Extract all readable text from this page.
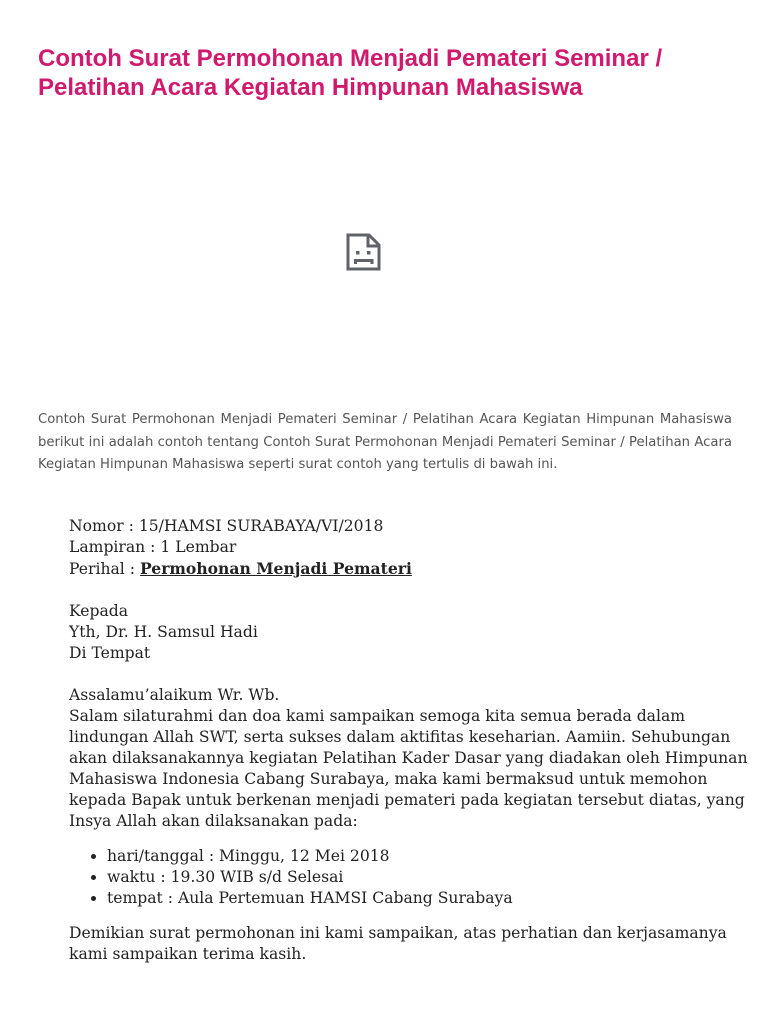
Contoh Surat Permohonan Menjadi Pemateri Seminar / Pelatihan Acara Kegiatan Himpunan Mahasiswa

Contoh Surat Permohonan Menjadi Pemateri Seminar / Pelatihan Acara Kegiatan Himpunan Mahasiswa berikut ini adalah contoh tentang Contoh Surat Permohonan Menjadi Pemateri Seminar / Pelatihan Acara Kegiatan Himpunan Mahasiswa seperti surat contoh yang tertulis di bawah ini.

Nomor : 15/HAMSI SURABAYA/VI/2018

Lampiran : 1 Lembar

Perihal : Permohonan Menjadi Pemateri

Kepada

Yth, Dr. H. Samsul Hadi

Di Tempat

Assalamu’alaikum Wr. Wb.

Salam silaturahmi dan doa kami sampaikan semoga kita semua berada dalam lindungan Allah SWT, serta sukses dalam aktifitas keseharian. Aamiin. Sehubungan akan dilaksanakannya kegiatan Pelatihan Kader Dasar yang diadakan oleh Himpunan Mahasiswa Indonesia Cabang Surabaya, maka kami bermaksud untuk memohon kepada Bapak untuk berkenan menjadi pemateri pada kegiatan tersebut diatas, yang Insya Allah akan dilaksanakan pada:

• hari/tanggal : Minggu, 12 Mei 2018
• waktu : 19.30 WIB s/d Selesai
• tempat : Aula Pertemuan HAMSI Cabang Surabaya

Demikian surat permohonan ini kami sampaikan, atas perhatian dan kerjasamanya kami sampaikan terima kasih.
